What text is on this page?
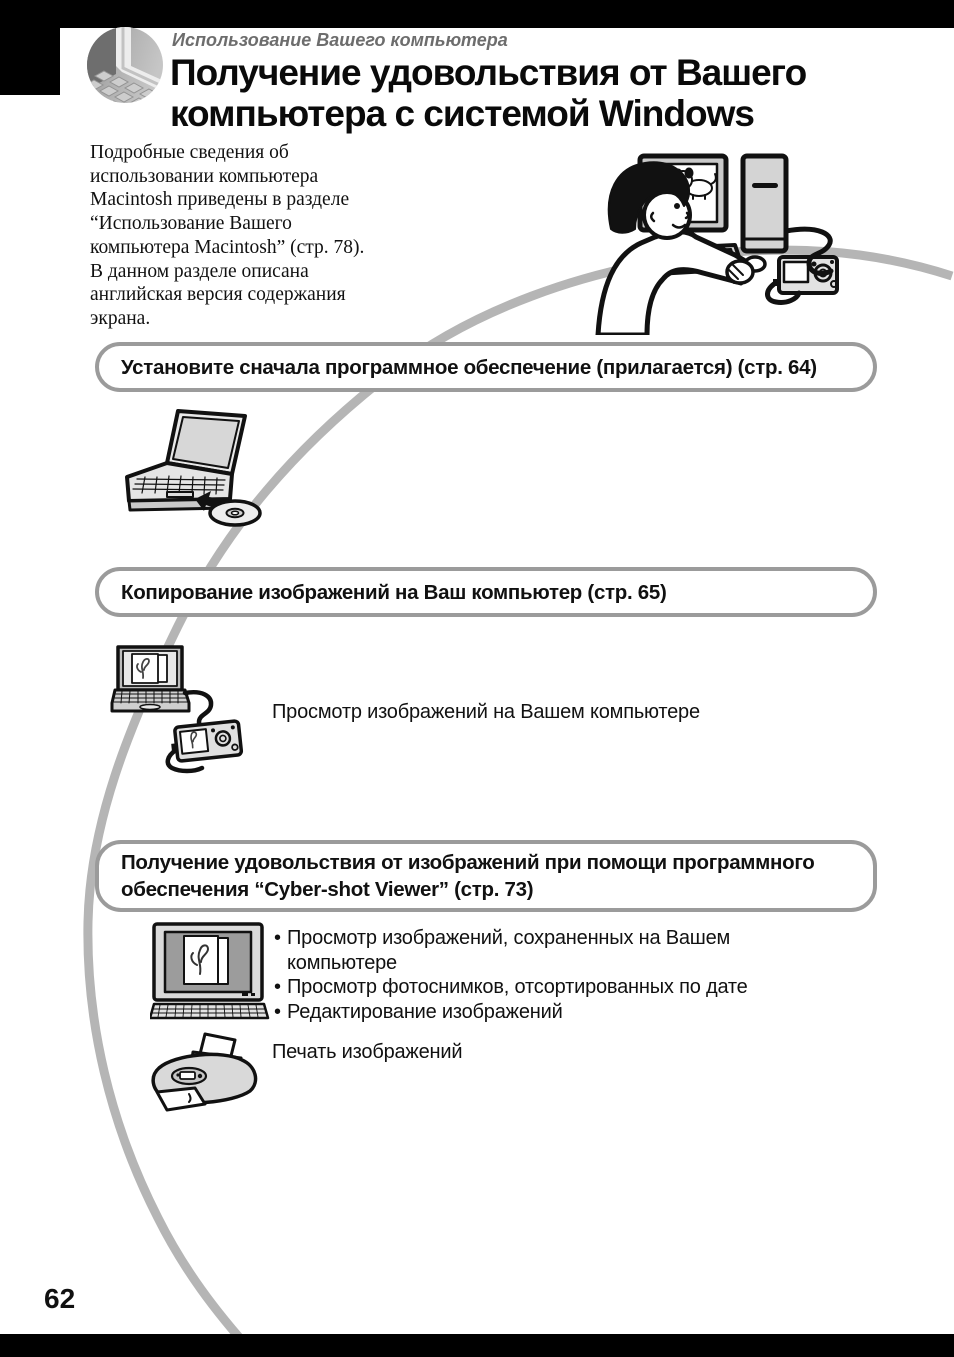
Использование Вашего компьютера
Получение удовольствия от Вашего
компьютера с системой Windows
Подробные сведения об
использовании компьютера
Macintosh приведены в разделе
“Использование Вашего
компьютера Macintosh” (стр. 78).
В данном разделе описана
английская версия содержания
экрана.
Установите сначала программное обеспечение (прилагается) (стр. 64)
Копирование изображений на Ваш компьютер (стр. 65)
Просмотр изображений на Вашем компьютере
Получение удовольствия от изображений при помощи программного
обеспечения “Cyber-shot Viewer” (стр. 73)
• Просмотр изображений, сохраненных на Вашем компьютере
• Просмотр фотоснимков, отсортированных по дате
• Редактирование изображений
Печать изображений
62
